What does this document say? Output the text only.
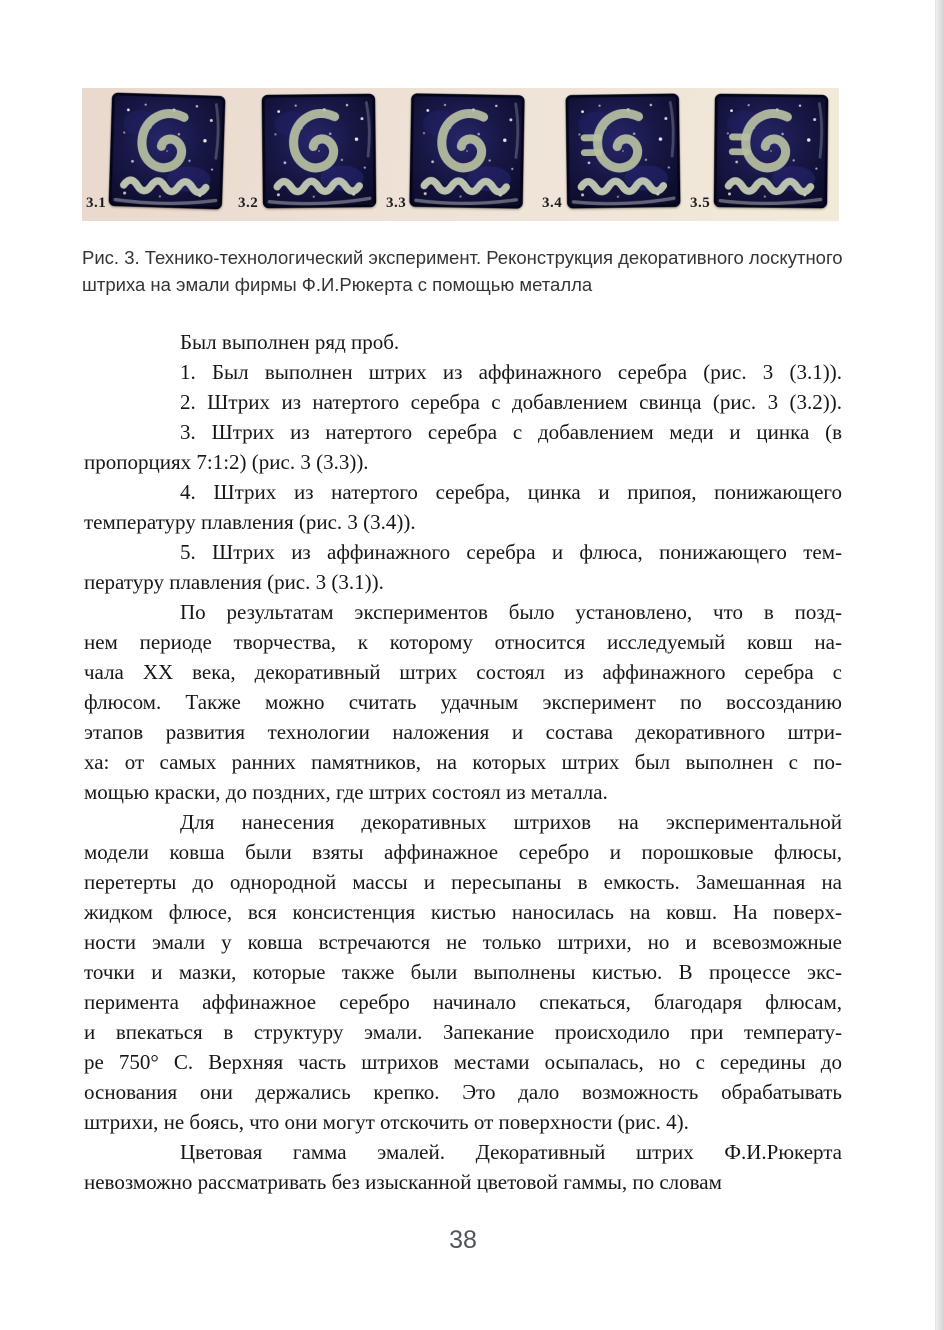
3.1	3.2	3.3	3.4	3.5
Рис. 3. Технико-технологический эксперимент. Реконструкция декоративного лоскутного
штриха на эмали фирмы Ф.И.Рюкерта с помощью металла
Был выполнен ряд проб.
1. Был выполнен штрих из аффинажного серебра (рис. 3 (3.1)).
2. Штрих из натертого серебра с добавлением свинца (рис. 3 (3.2)).
3. Штрих из натертого серебра с добавлением меди и цинка (в
пропорциях 7:1:2) (рис. 3 (3.3)).
4. Штрих из натертого серебра, цинка и припоя, понижающего
температуру плавления (рис. 3 (3.4)).
5. Штрих из аффинажного серебра и флюса, понижающего тем-
пературу плавления (рис. 3 (3.1)).
По результатам экспериментов было установлено, что в позд-
нем периоде творчества, к которому относится исследуемый ковш на-
чала XX века, декоративный штрих состоял из аффинажного серебра с
флюсом. Также можно считать удачным эксперимент по воссозданию
этапов развития технологии наложения и состава декоративного штри-
ха: от самых ранних памятников, на которых штрих был выполнен с по-
мощью краски, до поздних, где штрих состоял из металла.
Для нанесения декоративных штрихов на экспериментальной
модели ковша были взяты аффинажное серебро и порошковые флюсы,
перетерты до однородной массы и пересыпаны в емкость. Замешанная на
жидком флюсе, вся консистенция кистью наносилась на ковш. На поверх-
ности эмали у ковша встречаются не только штрихи, но и всевозможные
точки и мазки, которые также были выполнены кистью. В процессе экс-
перимента аффинажное серебро начинало спекаться, благодаря флюсам,
и впекаться в структуру эмали. Запекание происходило при температу-
ре 750° С. Верхняя часть штрихов местами осыпалась, но с середины до
основания они держались крепко. Это дало возможность обрабатывать
штрихи, не боясь, что они могут отскочить от поверхности (рис. 4).
Цветовая гамма эмалей. Декоративный штрих Ф.И.Рюкерта
невозможно рассматривать без изысканной цветовой гаммы, по словам
38
